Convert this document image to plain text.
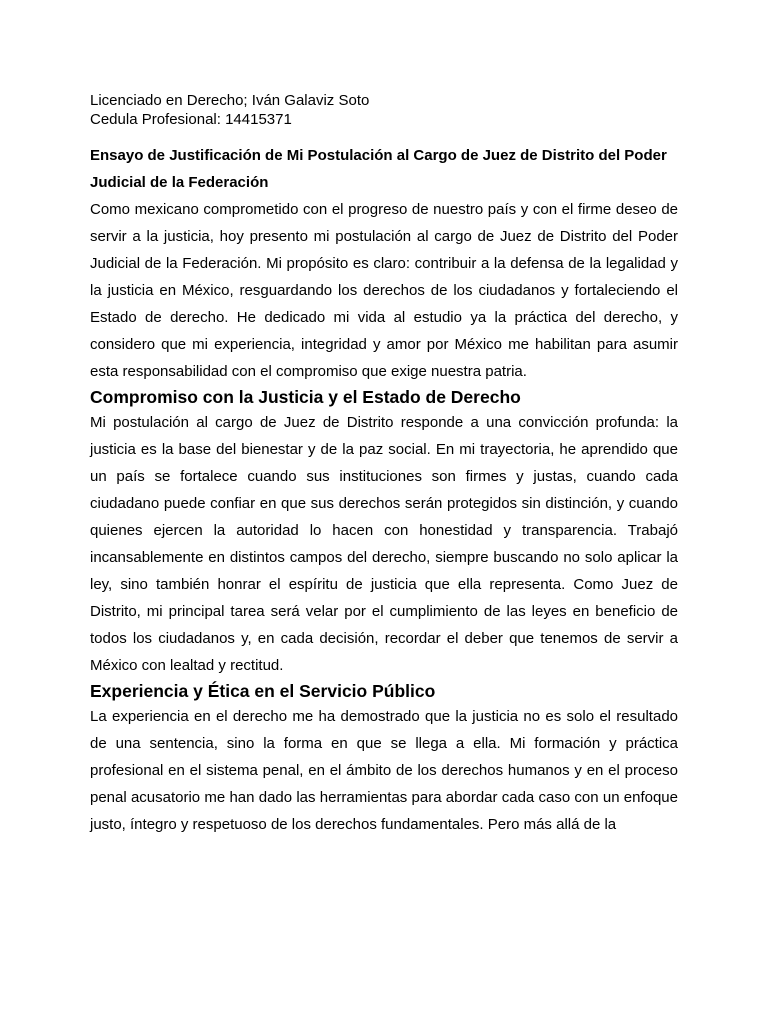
Licenciado en Derecho; Iván Galaviz Soto

Cedula Profesional: 14415371

Ensayo de Justificación de Mi Postulación al Cargo de Juez de Distrito del Poder Judicial de la Federación

Como mexicano comprometido con el progreso de nuestro país y con el firme deseo de servir a la justicia, hoy presento mi postulación al cargo de Juez de Distrito del Poder Judicial de la Federación. Mi propósito es claro: contribuir a la defensa de la legalidad y la justicia en México, resguardando los derechos de los ciudadanos y fortaleciendo el Estado de derecho. He dedicado mi vida al estudio ya la práctica del derecho, y considero que mi experiencia, integridad y amor por México me habilitan para asumir esta responsabilidad con el compromiso que exige nuestra patria.

Compromiso con la Justicia y el Estado de Derecho

Mi postulación al cargo de Juez de Distrito responde a una convicción profunda: la justicia es la base del bienestar y de la paz social. En mi trayectoria, he aprendido que un país se fortalece cuando sus instituciones son firmes y justas, cuando cada ciudadano puede confiar en que sus derechos serán protegidos sin distinción, y cuando quienes ejercen la autoridad lo hacen con honestidad y transparencia. Trabajó incansablemente en distintos campos del derecho, siempre buscando no solo aplicar la ley, sino también honrar el espíritu de justicia que ella representa. Como Juez de Distrito, mi principal tarea será velar por el cumplimiento de las leyes en beneficio de todos los ciudadanos y, en cada decisión, recordar el deber que tenemos de servir a México con lealtad y rectitud.

Experiencia y Ética en el Servicio Público

La experiencia en el derecho me ha demostrado que la justicia no es solo el resultado de una sentencia, sino la forma en que se llega a ella. Mi formación y práctica profesional en el sistema penal, en el ámbito de los derechos humanos y en el proceso penal acusatorio me han dado las herramientas para abordar cada caso con un enfoque justo, íntegro y respetuoso de los derechos fundamentales. Pero más allá de la
